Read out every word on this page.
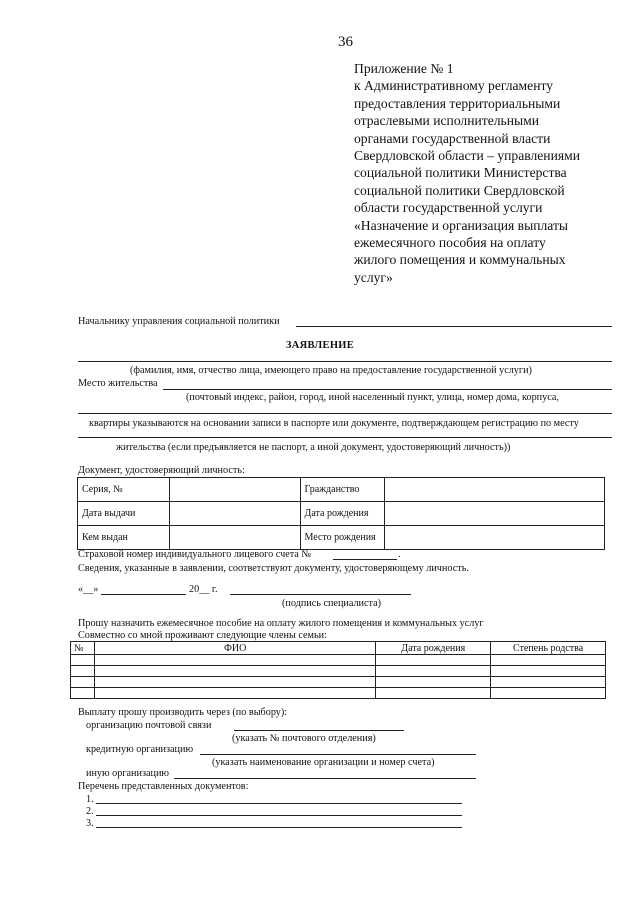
36
Приложение № 1
к Административному регламенту
предоставления территориальными
отраслевыми исполнительными
органами государственной власти
Свердловской области – управлениями
социальной политики Министерства
социальной политики Свердловской
области государственной услуги
«Назначение и организация выплаты
ежемесячного пособия на оплату
жилого помещения и коммунальных
услуг»
Начальнику управления социальной политики
ЗАЯВЛЕНИЕ
(фамилия, имя, отчество лица, имеющего право на предоставление государственной услуги)
Место жительства
(почтовый индекс, район, город, иной населенный пункт, улица, номер дома, корпуса,
квартиры указываются на основании записи в паспорте или документе, подтверждающем регистрацию по месту
жительства (если предъявляется не паспорт, а иной документ, удостоверяющий личность))
Документ, удостоверяющий личность:
Серия, №		Гражданство	
Дата выдачи		Дата рождения	
Кем выдан		Место рождения	
Страховой номер индивидуального лицевого счета №	.
Сведения, указанные в заявлении, соответствуют документу, удостоверяющему личность.
«__»	20__ г.
(подпись специалиста)
Прошу назначить ежемесячное пособие на оплату жилого помещения и коммунальных услуг
Совместно со мной проживают следующие члены семьи:
№	ФИО	Дата рождения	Степень родства

Выплату прошу производить через (по выбору):
организацию почтовой связи
(указать № почтового отделения)
кредитную организацию
(указать наименование организации и номер счета)
иную организацию
Перечень представленных документов:
1.
2.
3.
